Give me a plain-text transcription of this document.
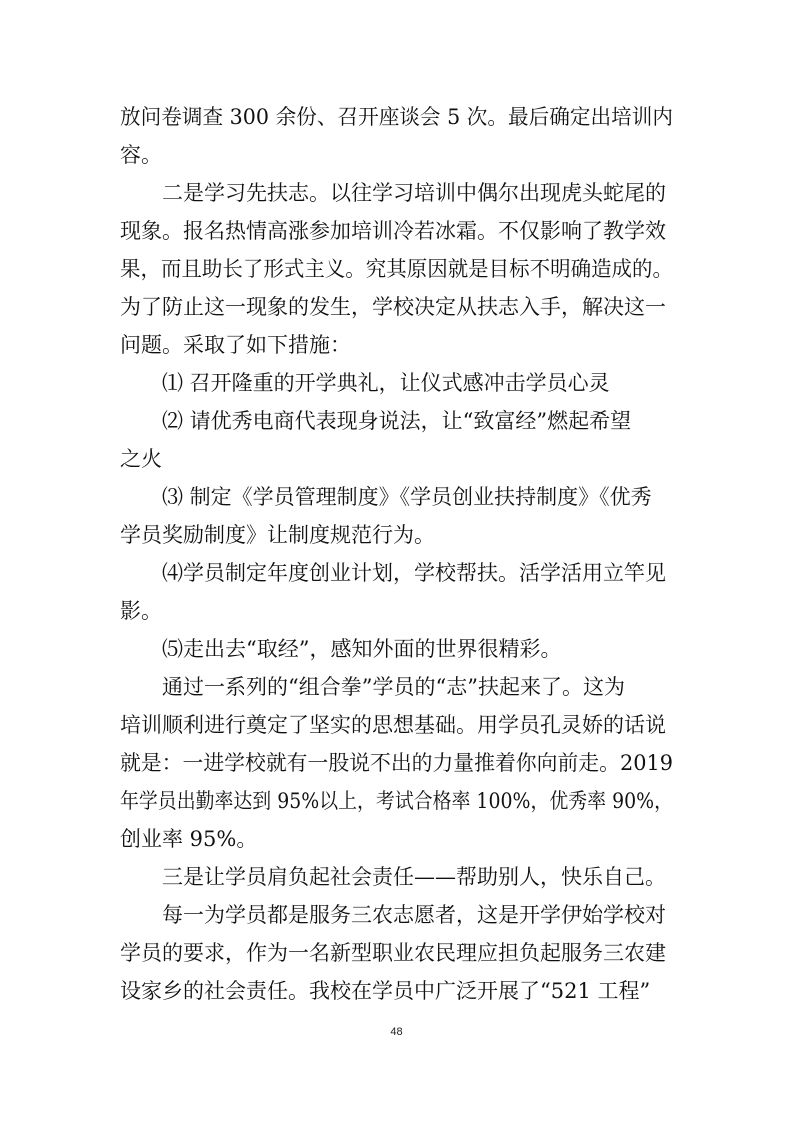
放问卷调查 300 余份、召开座谈会 5 次。最后确定出培训内
容。
二是学习先扶志。以往学习培训中偶尔出现虎头蛇尾的
现象。报名热情高涨参加培训冷若冰霜。不仅影响了教学效
果，而且助长了形式主义。究其原因就是目标不明确造成的。
为了防止这一现象的发生，学校决定从扶志入手，解决这一
问题。采取了如下措施：
⑴ 召开隆重的开学典礼，让仪式感冲击学员心灵
⑵ 请优秀电商代表现身说法，让“致富经”燃起希望
之火
⑶ 制定《学员管理制度》《学员创业扶持制度》《优秀
学员奖励制度》让制度规范行为。
⑷学员制定年度创业计划，学校帮扶。活学活用立竿见
影。
⑸走出去“取经”，感知外面的世界很精彩。
通过一系列的“组合拳”学员的“志”扶起来了。这为
培训顺利进行奠定了坚实的思想基础。用学员孔灵娇的话说
就是：一进学校就有一股说不出的力量推着你向前走。2019
年学员出勤率达到 95%以上，考试合格率 100%，优秀率 90%，
创业率 95%。
三是让学员肩负起社会责任——帮助别人，快乐自己。
每一为学员都是服务三农志愿者，这是开学伊始学校对
学员的要求，作为一名新型职业农民理应担负起服务三农建
设家乡的社会责任。我校在学员中广泛开展了“521 工程”
48
